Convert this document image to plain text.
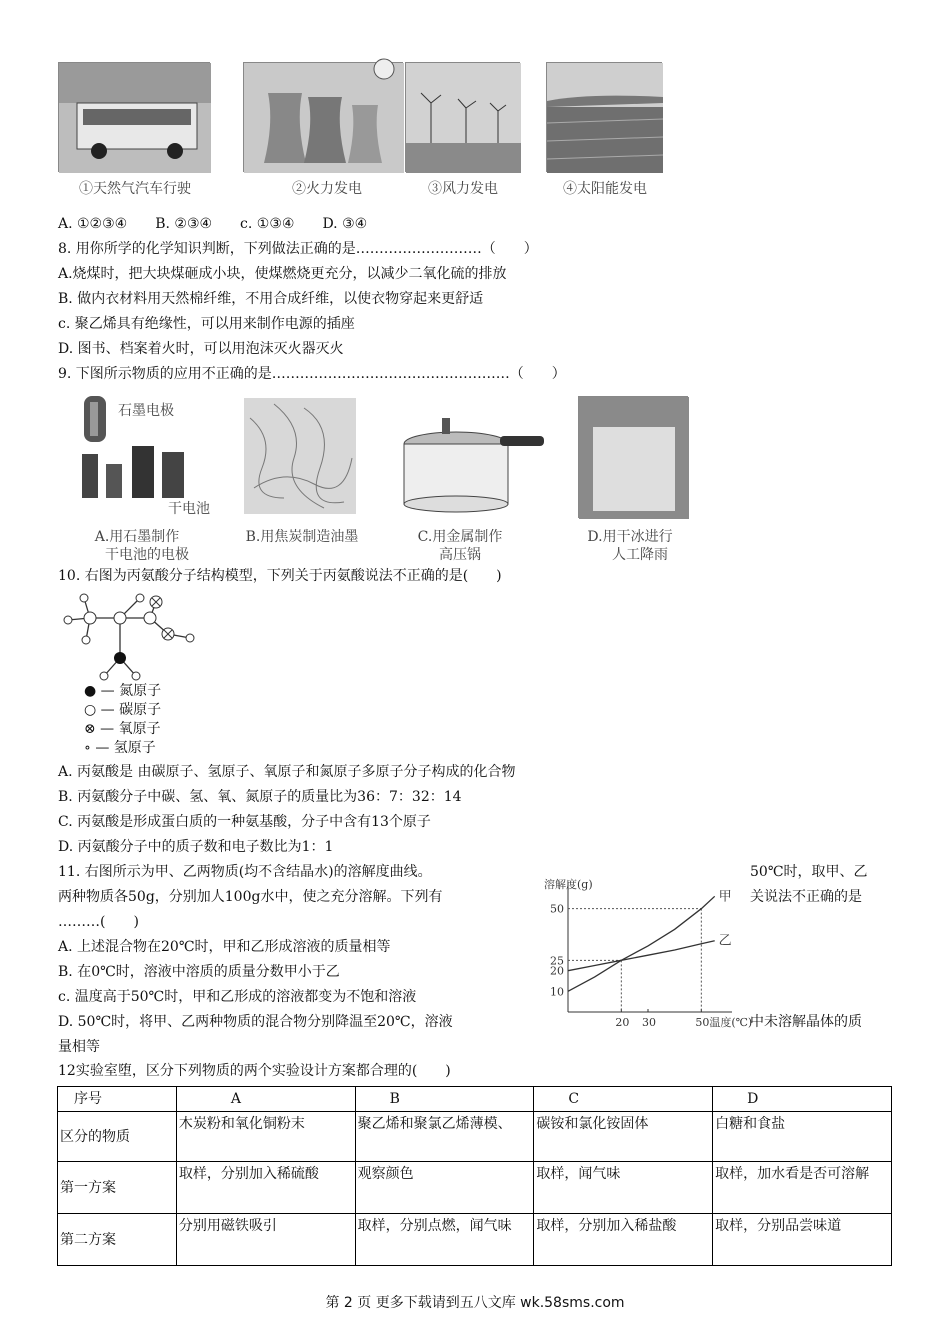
①天然气汽车行驶	②火力发电	③风力发电	④太阳能发电
A. ①②③④　　B. ②③④　　c. ①③④　　D. ③④
8. 用你所学的化学知识判断，下列做法正确的是………………………（　　）
A.烧煤时，把大块煤砸成小块，使煤燃烧更充分，以减少二氧化硫的排放
B. 做内衣材料用天然棉纤维，不用合成纤维，以使衣物穿起来更舒适
c. 聚乙烯具有绝缘性，可以用来制作电源的插座
D. 图书、档案着火时，可以用泡沫灭火器灭火
9. 下图所示物质的应用不正确的是……………………………………………（　　）
石墨电极
干电池
A.用石墨制作
干电池的电极
B.用焦炭制造油墨	C.用金属制作
高压锅
D.用干冰进行
人工降雨
10. 右图为丙氨酸分子结构模型，下列关于丙氨酸说法不正确的是(　　)
● — 氮原子
○ — 碳原子
⊗ — 氧原子
∘ — 氢原子
A. 丙氨酸是 由碳原子、氢原子、氧原子和氮原子多原子分子构成的化合物
B. 丙氨酸分子中碳、氢、氧、氮原子的质量比为36：7：32：14
C. 丙氨酸是形成蛋白质的一种氨基酸，分子中含有13个原子
D. 丙氨酸分子中的质子数和电子数比为1：1
11. 右图所示为甲、乙两物质(均不含结晶水)的溶解度曲线。	50℃时，取甲、乙
两种物质各50g，分别加人100g水中，使之充分溶解。下列有	关说法不正确的是
………(　　)
A. 上述混合物在20℃时，甲和乙形成溶液的质量相等
B. 在0℃时，溶液中溶质的质量分数甲小于乙
c. 温度高于50℃时，甲和乙形成的溶液都变为不饱和溶液
D. 50℃时，将甲、乙两种物质的混合物分别降温至20℃，溶液	中未溶解晶体的质
量相等
溶解度(g)
温度(℃)
20 30	50
10
20
25
50
甲
乙
12实验室堕，区分下列物质的两个实验设计方案都合理的(　　)
序号	A	B	C	D
区分的物质	木炭粉和氧化铜粉末	聚乙烯和聚氯乙烯薄模、	碳铵和氯化铵固体	白糖和食盐
第一方案	取样，分别加入稀硫酸	观察颜色	取样，闻气味	取样，加水看是否可溶解
第二方案	分别用磁铁吸引	取样，分别点燃，闻气味	取样，分别加入稀盐酸	取样，分别品尝味道
第 2 页 更多下载请到五八文库 wk.58sms.com
